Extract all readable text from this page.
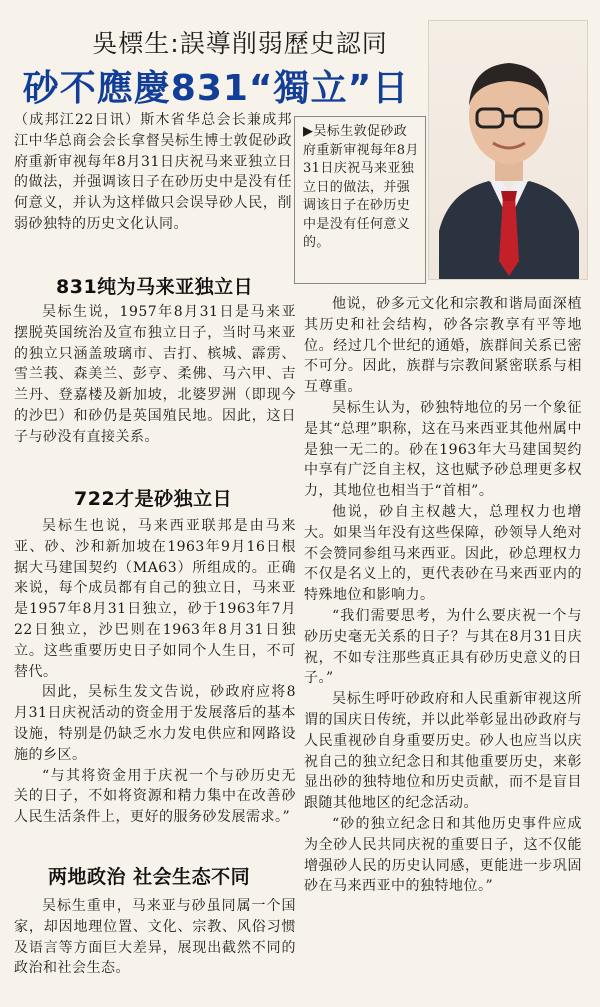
吳標生:誤導削弱歷史認同
砂不應慶831“獨立”日
▶吴标生敦促砂政府重新审视每年8月31日庆祝马来亚独立日的做法，并强调该日子在砂历史中是没有任何意义的。

（成邦江22日讯）斯木省华总会长兼成邦江中华总商会会长拿督吴标生博士敦促砂政府重新审视每年8月31日庆祝马来亚独立日的做法，并强调该日子在砂历史中是没有任何意义，并认为这样做只会误导砂人民，削弱砂独特的历史文化认同。

831纯为马来亚独立日

吴标生说，1957年8月31日是马来亚摆脱英国统治及宣布独立日子，当时马来亚的独立只涵盖玻璃市、吉打、槟城、霹雳、雪兰莪、森美兰、彭亨、柔佛、马六甲、吉兰丹、登嘉楼及新加坡，北婆罗洲（即现今的沙巴）和砂仍是英国殖民地。因此，这日子与砂没有直接关系。

722才是砂独立日

吴标生也说，马来西亚联邦是由马来亚、砂、沙和新加坡在1963年9月16日根据大马建国契约（MA63）所组成的。正确来说，每个成员都有自己的独立日，马来亚是1957年8月31日独立，砂于1963年7月22日独立，沙巴则在1963年8月31日独立。这些重要历史日子如同个人生日，不可替代。

因此，吴标生发文告说，砂政府应将8月31日庆祝活动的资金用于发展落后的基本设施，特别是仍缺乏水力发电供应和网路设施的乡区。

“与其将资金用于庆祝一个与砂历史无关的日子，不如将资源和精力集中在改善砂人民生活条件上，更好的服务砂发展需求。”

两地政治 社会生态不同

吴标生重申，马来亚与砂虽同属一个国家，却因地理位置、文化、宗教、风俗习惯及语言等方面巨大差异，展现出截然不同的政治和社会生态。

他说，砂多元文化和宗教和谐局面深植其历史和社会结构，砂各宗教享有平等地位。经过几个世纪的通婚，族群间关系已密不可分。因此，族群与宗教间紧密联系与相互尊重。

吴标生认为，砂独特地位的另一个象征是其“总理”职称，这在马来西亚其他州属中是独一无二的。砂在1963年大马建国契约中享有广泛自主权，这也赋予砂总理更多权力，其地位也相当于“首相”。

他说，砂自主权越大，总理权力也增大。如果当年没有这些保障，砂领导人绝对不会赞同参组马来西亚。因此，砂总理权力不仅是名义上的，更代表砂在马来西亚内的特殊地位和影响力。

“我们需要思考，为什么要庆祝一个与砂历史毫无关系的日子？与其在8月31日庆祝，不如专注那些真正具有砂历史意义的日子。”

吴标生呼吁砂政府和人民重新审视这所谓的国庆日传统，并以此举彰显出砂政府与人民重视砂自身重要历史。砂人也应当以庆祝自己的独立纪念日和其他重要历史，来彰显出砂的独特地位和历史贡献，而不是盲目跟随其他地区的纪念活动。

“砂的独立纪念日和其他历史事件应成为全砂人民共同庆祝的重要日子，这不仅能增强砂人民的历史认同感，更能进一步巩固砂在马来西亚中的独特地位。”
